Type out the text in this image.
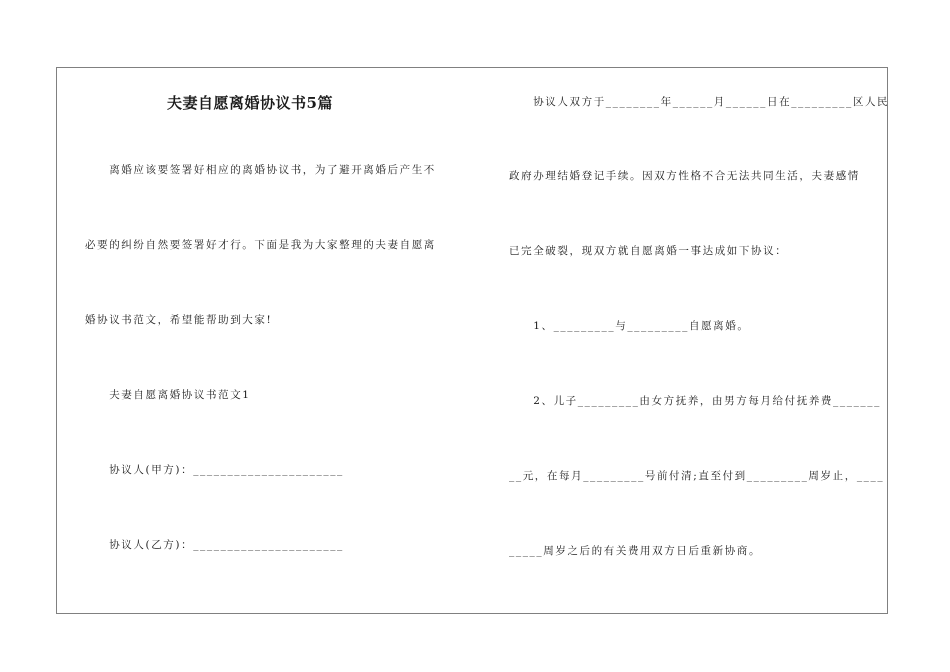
夫妻自愿离婚协议书5篇
　　离婚应该要签署好相应的离婚协议书，为了避开离婚后产生不
必要的纠纷自然要签署好才行。下面是我为大家整理的夫妻自愿离
婚协议书范文，希望能帮助到大家!
　　夫妻自愿离婚协议书范文1
　　协议人(甲方)：______________________
　　协议人(乙方)：______________________
　　协议人双方于________年______月______日在_________区人民
政府办理结婚登记手续。因双方性格不合无法共同生活，夫妻感情
已完全破裂，现双方就自愿离婚一事达成如下协议：
　　1、_________与_________自愿离婚。
　　2、儿子_________由女方抚养，由男方每月给付抚养费_______
__元，在每月_________号前付清;直至付到_________周岁止，____
_____周岁之后的有关费用双方日后重新协商。
